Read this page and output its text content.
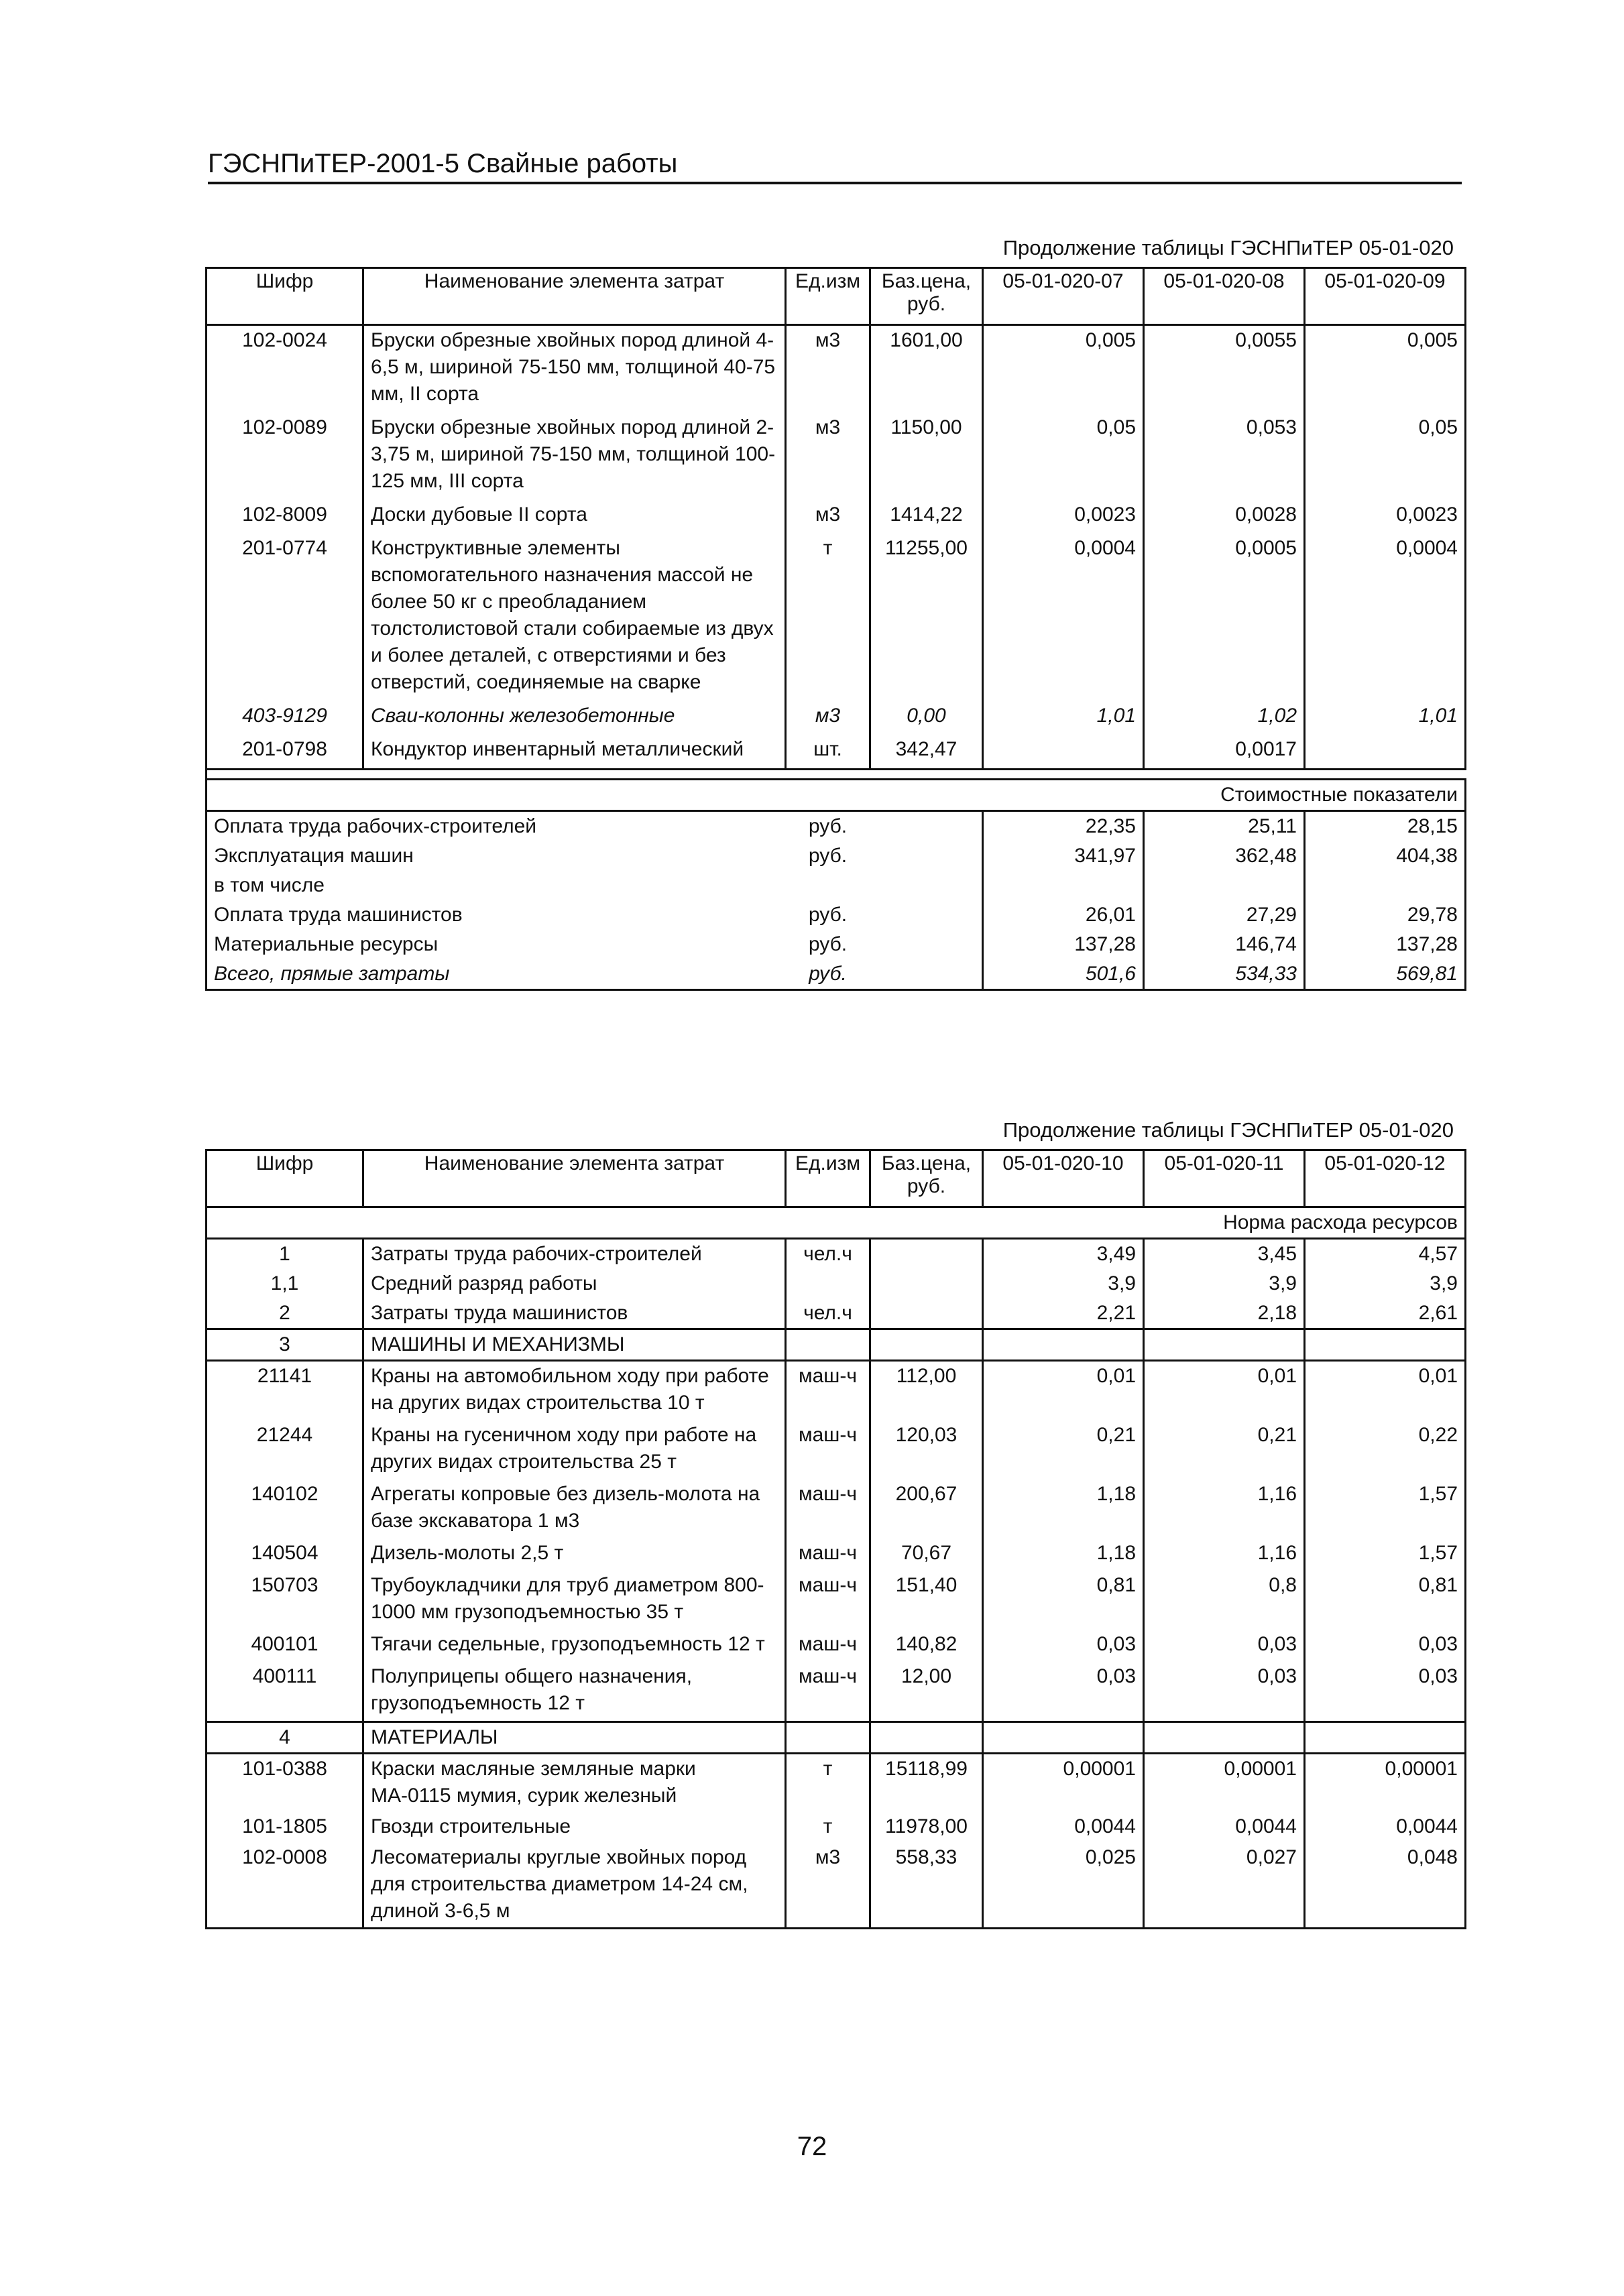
ГЭСНПиТЕР-2001-5 Свайные работы
Продолжение таблицы ГЭСНПиТЕР 05-01-020
Шифр	Наименование элемента затрат	Ед.изм	Баз.цена, руб.	05-01-020-07	05-01-020-08	05-01-020-09
102-0024	Бруски обрезные хвойных пород длиной 4-6,5 м, шириной 75-150 мм, толщиной 40-75 мм, II сорта	м3	1601,00	0,005	0,0055	0,005
102-0089	Бруски обрезные хвойных пород длиной 2-3,75 м, шириной 75-150 мм, толщиной 100-125 мм, III сорта	м3	1150,00	0,05	0,053	0,05
102-8009	Доски дубовые II сорта	м3	1414,22	0,0023	0,0028	0,0023
201-0774	Конструктивные элементы вспомогательного назначения массой не более 50 кг с преобладанием толстолистовой стали собираемые из двух и более деталей, с отверстиями и без отверстий, соединяемые на сварке	т	11255,00	0,0004	0,0005	0,0004
403-9129	Сваи-колонны железобетонные	м3	0,00	1,01	1,02	1,01
201-0798	Кондуктор инвентарный металлический	шт.	342,47		0,0017	

					Стоимостные показатели	
Оплата труда рабочих-строителей		руб.		22,35	25,11	28,15
Эксплуатация машин		руб.		341,97	362,48	404,38
в том числе						
Оплата труда машинистов		руб.		26,01	27,29	29,78
Материальные ресурсы		руб.		137,28	146,74	137,28
Всего, прямые затраты		руб.		501,6	534,33	569,81
Продолжение таблицы ГЭСНПиТЕР 05-01-020
Шифр	Наименование элемента затрат	Ед.изм	Баз.цена, руб.	05-01-020-10	05-01-020-11	05-01-020-12
					Норма расхода ресурсов	
1	Затраты труда рабочих-строителей	чел.ч		3,49	3,45	4,57
1,1	Средний разряд работы			3,9	3,9	3,9
2	Затраты труда машинистов	чел.ч		2,21	2,18	2,61
3	МАШИНЫ И МЕХАНИЗМЫ					
21141	Краны на автомобильном ходу при работе на других видах строительства 10 т	маш-ч	112,00	0,01	0,01	0,01
21244	Краны на гусеничном ходу при работе на других видах строительства 25 т	маш-ч	120,03	0,21	0,21	0,22
140102	Агрегаты копровые без дизель-молота на базе экскаватора 1 м3	маш-ч	200,67	1,18	1,16	1,57
140504	Дизель-молоты 2,5 т	маш-ч	70,67	1,18	1,16	1,57
150703	Трубоукладчики для труб диаметром 800-1000 мм грузоподъемностью 35 т	маш-ч	151,40	0,81	0,8	0,81
400101	Тягачи седельные, грузоподъемность 12 т	маш-ч	140,82	0,03	0,03	0,03
400111	Полуприцепы общего назначения, грузоподъемность 12 т	маш-ч	12,00	0,03	0,03	0,03
4	МАТЕРИАЛЫ					
101-0388	Краски масляные земляные марки МА-0115 мумия, сурик железный	т	15118,99	0,00001	0,00001	0,00001
101-1805	Гвозди строительные	т	11978,00	0,0044	0,0044	0,0044
102-0008	Лесоматериалы круглые хвойных пород для строительства диаметром 14-24 см, длиной 3-6,5 м	м3	558,33	0,025	0,027	0,048
72
